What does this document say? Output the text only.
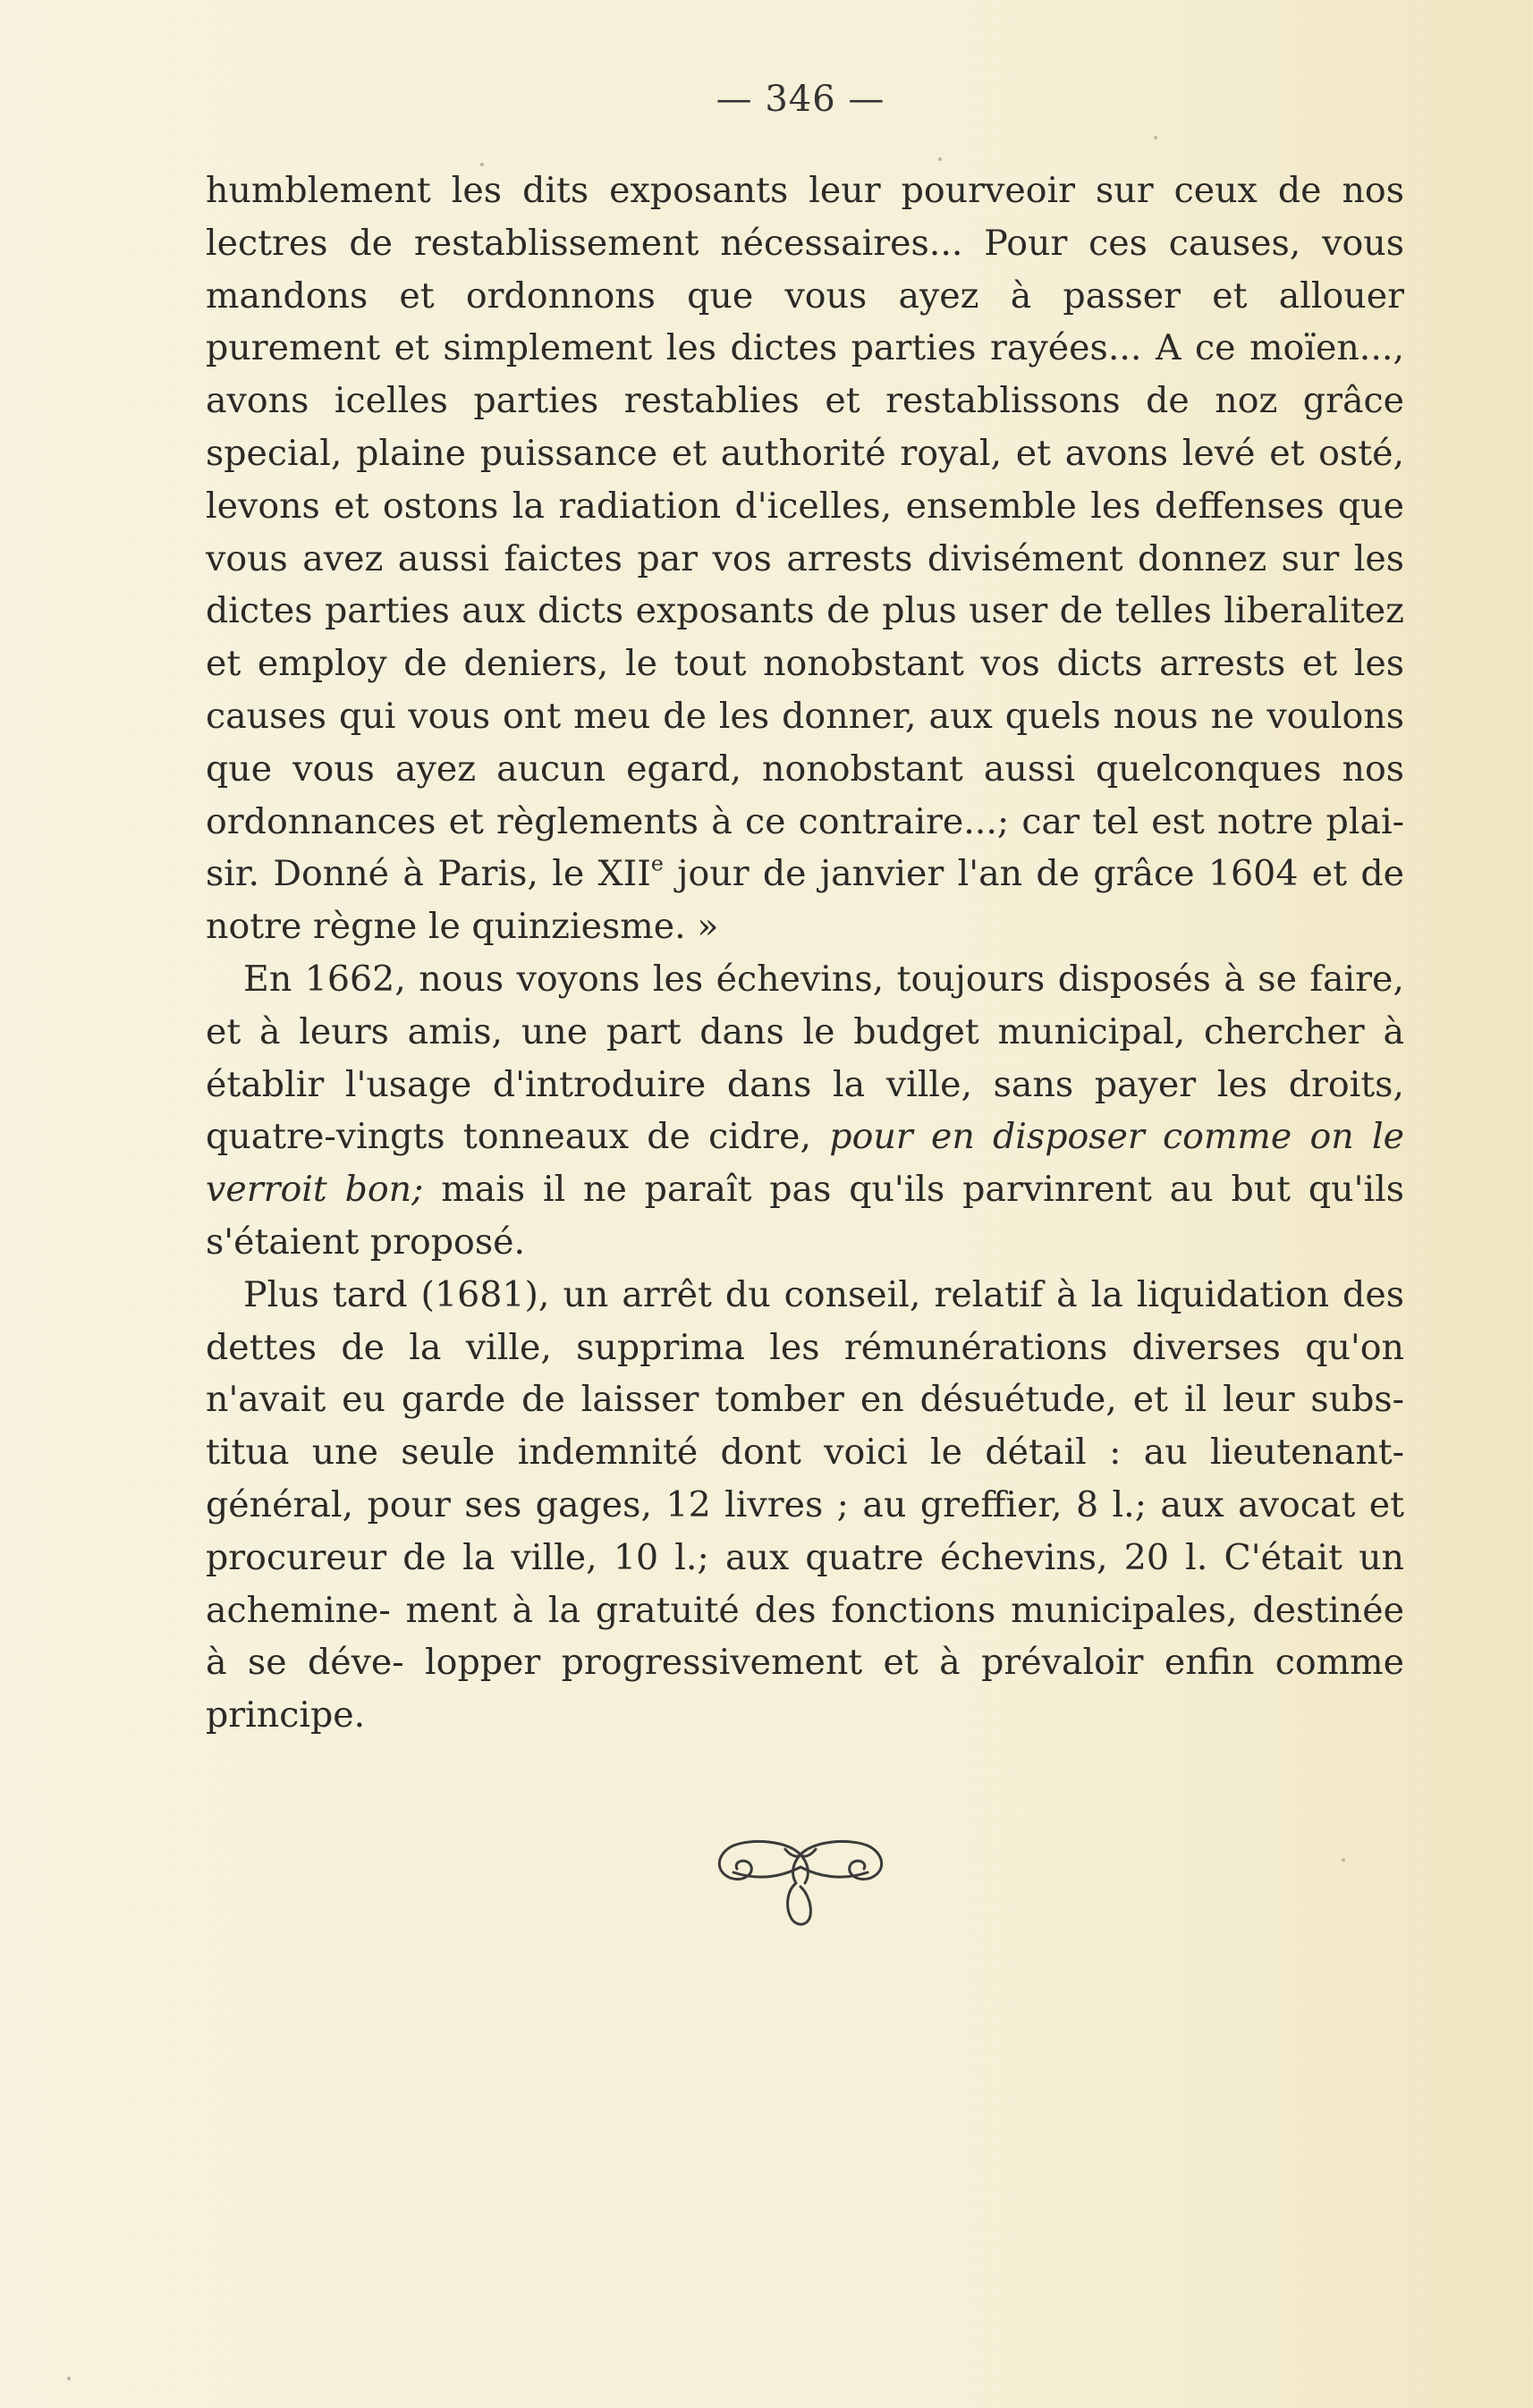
— 346 —

humblement les dits exposants leur pourveoir sur ceux de nos lectres de restablissement nécessaires... Pour ces causes, vous mandons et ordonnons que vous ayez à passer et allouer purement et simplement les dictes parties rayées... A ce moïen..., avons icelles parties restablies et restablissons de noz grâce special, plaine puissance et authorité royal, et avons levé et osté, levons et ostons la radiation d'icelles, ensemble les deffenses que vous avez aussi faictes par vos arrests divisément donnez sur les dictes parties aux dicts exposants de plus user de telles liberalitez et employ de deniers, le tout nonobstant vos dicts arrests et les causes qui vous ont meu de les donner, aux quels nous ne voulons que vous ayez aucun egard, nonobstant aussi quelconques nos ordonnances et règlements à ce contraire...; car tel est notre plai- sir. Donné à Paris, le XIIe jour de janvier l'an de grâce 1604 et de notre règne le quinziesme. »

En 1662, nous voyons les échevins, toujours disposés à se faire, et à leurs amis, une part dans le budget municipal, chercher à établir l'usage d'introduire dans la ville, sans payer les droits, quatre-vingts tonneaux de cidre, pour en disposer comme on le verroit bon; mais il ne paraît pas qu'ils parvinrent au but qu'ils s'étaient proposé.

Plus tard (1681), un arrêt du conseil, relatif à la liquidation des dettes de la ville, supprima les rémunérations diverses qu'on n'avait eu garde de laisser tomber en désuétude, et il leur subs- titua une seule indemnité dont voici le détail : au lieutenant-général, pour ses gages, 12 livres ; au greffier, 8 l.; aux avocat et procureur de la ville, 10 l.; aux quatre échevins, 20 l. C'était un achemine- ment à la gratuité des fonctions municipales, destinée à se déve- lopper progressivement et à prévaloir enfin comme principe.
